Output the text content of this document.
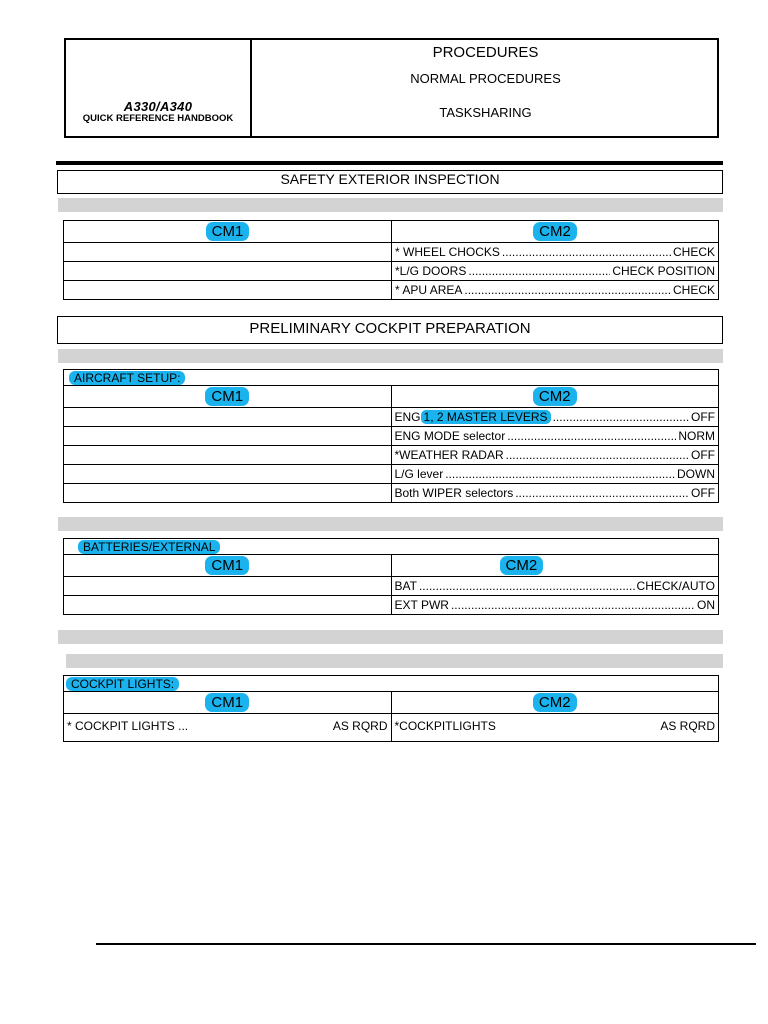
A330/A340
QUICK REFERENCE HANDBOOK
PROCEDURES
NORMAL PROCEDURES
TASKSHARING
SAFETY EXTERIOR INSPECTION
CM1	CM2

	* WHEEL CHOCKS ..... CHECK

	*L/G DOORS ..... CHECK POSITION

	* APU AREA ..... CHECK
PRELIMINARY COCKPIT PREPARATION
AIRCRAFT SETUP:	
CM1	CM2

	ENG 1, 2 MASTER LEVERS ..... OFF

	ENG MODE selector ..... NORM

	*WEATHER RADAR ..... OFF

	L/G lever ..... DOWN

	Both WIPER selectors ..... OFF
BATTERIES/EXTERNAL	
CM1	CM2

	BAT ..... CHECK/AUTO

	EXT PWR ..... ON
COCKPIT LIGHTS:	
CM1	CM2

* COCKPIT LIGHTS ... AS RQRD	*COCKPITLIGHTS AS RQRD
